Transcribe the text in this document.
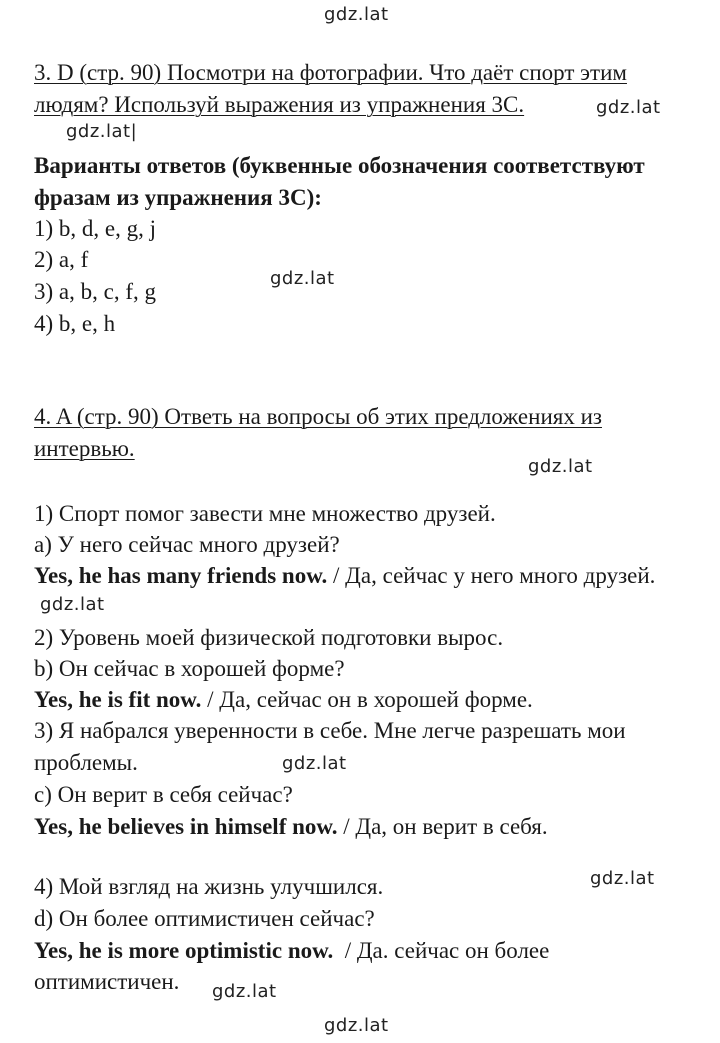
gdz.lat

gdz.lat

gdz.lat|

gdz.lat

gdz.lat

gdz.lat

gdz.lat

gdz.lat

gdz.lat

gdz.lat

3. D (стр. 90) Посмотри на фотографии. Что даёт спорт этим

людям? Используй выражения из упражнения 3C.

Варианты ответов (буквенные обозначения соответствуют

фразам из упражнения 3С):

1) b, d, e, g, j

2) a, f

3) a, b, c, f, g

4) b, e, h

4. A (стр. 90) Ответь на вопросы об этих предложениях из

интервью.

1) Спорт помог завести мне множество друзей.

a) У него сейчас много друзей?

Yes, he has many friends now. / Да, сейчас у него много друзей.

2) Уровень моей физической подготовки вырос.

b) Он сейчас в хорошей форме?

Yes, he is fit now. / Да, сейчас он в хорошей форме.

3) Я набрался уверенности в себе. Мне легче разрешать мои

проблемы.

c) Он верит в себя сейчас?

Yes, he believes in himself now. / Да, он верит в себя.

4) Мой взгляд на жизнь улучшился.

d) Он более оптимистичен сейчас?

Yes, he is more optimistic now.  / Да. сейчас он более

оптимистичен.
